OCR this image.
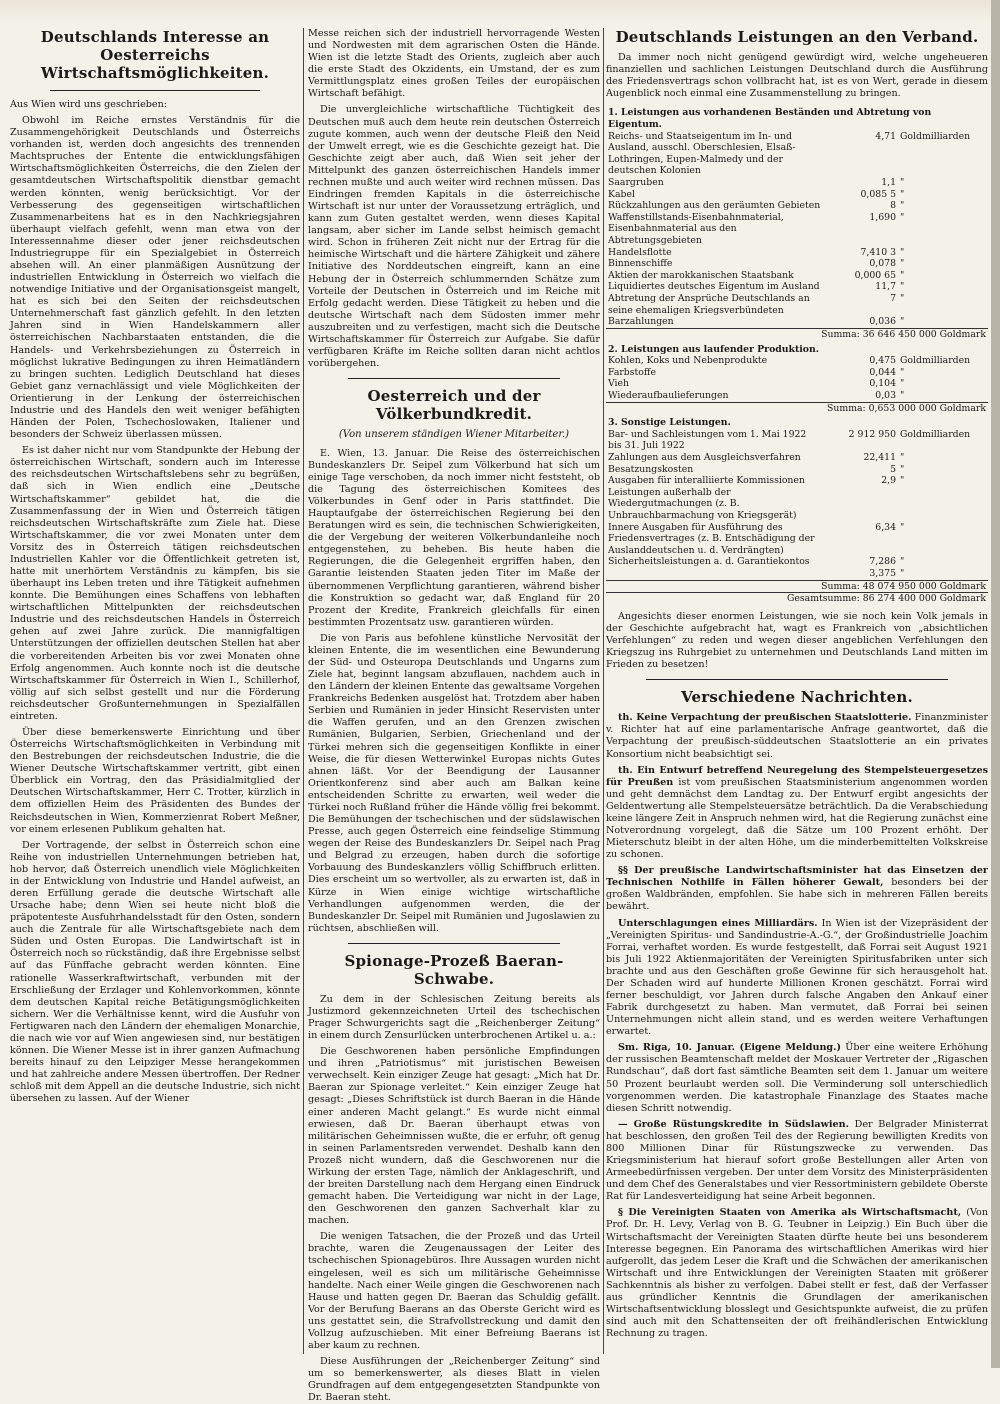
Deutschlands Interesse an Oesterreichs Wirtschaftsmöglichkeiten.

Aus Wien wird uns geschrieben:

Obwohl im Reiche ernstes Verständnis für die Zusammengehörigkeit Deutschlands und Österreichs vorhanden ist, werden doch angesichts des trennenden Machtspruches der Entente die entwicklungsfähigen Wirtschaftsmöglichkeiten Österreichs, die den Zielen der gesamtdeutschen Wirtschaftspolitik dienstbar gemacht werden könnten, wenig berücksichtigt. Vor der Verbesserung des gegenseitigen wirtschaftlichen Zusammenarbeitens hat es in den Nachkriegsjahren überhaupt vielfach gefehlt, wenn man etwa von der Interessennahme dieser oder jener reichsdeutschen Industriegruppe für ein Spezialgebiet in Österreich absehen will. An einer planmäßigen Ausnützung der industriellen Entwicklung in Österreich wo vielfach die notwendige Initiative und der Organisationsgeist mangelt, hat es sich bei den Seiten der reichsdeutschen Unternehmerschaft fast gänzlich gefehlt. In den letzten Jahren sind in Wien Handelskammern aller österreichischen Nachbarstaaten entstanden, die die Handels- und Verkehrsbeziehungen zu Österreich in möglichst lukrative Bedingungen zu ihren Heimatländern zu bringen suchten. Lediglich Deutschland hat dieses Gebiet ganz vernachlässigt und viele Möglichkeiten der Orientierung in der Lenkung der österreichischen Industrie und des Handels den weit weniger befähigten Händen der Polen, Tschechoslowaken, Italiener und besonders der Schweiz überlassen müssen.

Es ist daher nicht nur vom Standpunkte der Hebung der österreichischen Wirtschaft, sondern auch im Interesse des reichsdeutschen Wirtschaftslebens sehr zu begrüßen, daß sich in Wien endlich eine „Deutsche Wirtschaftskammer“ gebildet hat, die die Zusammenfassung der in Wien und Österreich tätigen reichsdeutschen Wirtschaftskräfte zum Ziele hat. Diese Wirtschaftskammer, die vor zwei Monaten unter dem Vorsitz des in Österreich tätigen reichsdeutschen Industriellen Kahler vor die Öffentlichkeit getreten ist, hatte mit unerhörtem Verständnis zu kämpfen, bis sie überhaupt ins Leben treten und ihre Tätigkeit aufnehmen konnte. Die Bemühungen eines Schaffens von lebhaften wirtschaftlichen Mittelpunkten der reichsdeutschen Industrie und des reichsdeutschen Handels in Österreich gehen auf zwei Jahre zurück. Die mannigfaltigen Unterstützungen der offiziellen deutschen Stellen hat aber die vorbereitenden Arbeiten bis vor zwei Monaten ohne Erfolg angenommen. Auch konnte noch ist die deutsche Wirtschaftskammer für Österreich in Wien I., Schillerhof, völlig auf sich selbst gestellt und nur die Förderung reichsdeutscher Großunternehmungen in Spezialfällen eintreten.

Über diese bemerkenswerte Einrichtung und über Österreichs Wirtschaftsmöglichkeiten in Verbindung mit den Bestrebungen der reichsdeutschen Industrie, die die Wiener Deutsche Wirtschaftskammer vertritt, gibt einen Überblick ein Vortrag, den das Präsidialmitglied der Deutschen Wirtschaftskammer, Herr C. Trotter, kürzlich in dem offiziellen Heim des Präsidenten des Bundes der Reichsdeutschen in Wien, Kommerzienrat Robert Meßner, vor einem erlesenen Publikum gehalten hat.

Der Vortragende, der selbst in Österreich schon eine Reihe von industriellen Unternehmungen betrieben hat, hob hervor, daß Österreich unendlich viele Möglichkeiten in der Entwicklung von Industrie und Handel aufweist, an deren Erfüllung gerade die deutsche Wirtschaft alle Ursache habe; denn Wien sei heute nicht bloß die präpotenteste Ausfuhrhandelsstadt für den Osten, sondern auch die Zentrale für alle Wirtschaftsgebiete nach dem Süden und Osten Europas. Die Landwirtschaft ist in Österreich noch so rückständig, daß ihre Ergebnisse selbst auf das Fünffache gebracht werden könnten. Eine rationelle Wasserkraftwirtschaft, verbunden mit der Erschließung der Erzlager und Kohlenvorkommen, könnte dem deutschen Kapital reiche Betätigungsmöglichkeiten sichern. Wer die Verhältnisse kennt, wird die Ausfuhr von Fertigwaren nach den Ländern der ehemaligen Monarchie, die nach wie vor auf Wien angewiesen sind, nur bestätigen können. Die Wiener Messe ist in ihrer ganzen Aufmachung bereits hinauf zu den Leipziger Messe herangekommen und hat zahlreiche andere Messen übertroffen. Der Redner schloß mit dem Appell an die deutsche Industrie, sich nicht übersehen zu lassen. Auf der Wiener

Messe reichen sich der industriell hervorragende Westen und Nordwesten mit dem agrarischen Osten die Hände. Wien ist die letzte Stadt des Orients, zugleich aber auch die erste Stadt des Okzidents, ein Umstand, der es zum Vermittlungsplatz eines großen Teiles der europäischen Wirtschaft befähigt.

Die unvergleichliche wirtschaftliche Tüchtigkeit des Deutschen muß auch dem heute rein deutschen Österreich zugute kommen, auch wenn der deutsche Fleiß den Neid der Umwelt erregt, wie es die Geschichte gezeigt hat. Die Geschichte zeigt aber auch, daß Wien seit jeher der Mittelpunkt des ganzen österreichischen Handels immer rechnen mußte und auch weiter wird rechnen müssen. Das Eindringen fremden Kapitals in die österreichische Wirtschaft ist nur unter der Voraussetzung erträglich, und kann zum Guten gestaltet werden, wenn dieses Kapital langsam, aber sicher im Lande selbst heimisch gemacht wird. Schon in früheren Zeit nicht nur der Ertrag für die heimische Wirtschaft und die härtere Zähigkeit und zähere Initiative des Norddeutschen eingreift, kann an eine Hebung der in Österreich schlummernden Schätze zum Vorteile der Deutschen in Österreich und im Reiche mit Erfolg gedacht werden. Diese Tätigkeit zu heben und die deutsche Wirtschaft nach dem Südosten immer mehr auszubreiten und zu verfestigen, macht sich die Deutsche Wirtschaftskammer für Österreich zur Aufgabe. Sie dafür verfügbaren Kräfte im Reiche sollten daran nicht achtlos vorübergehen.

Oesterreich und der Völkerbundkredit.
(Von unserem ständigen Wiener Mitarbeiter.)

E. Wien, 13. Januar. Die Reise des österreichischen Bundeskanzlers Dr. Seipel zum Völkerbund hat sich um einige Tage verschoben, da noch immer nicht feststeht, ob die Tagung des österreichischen Komitees des Völkerbundes in Genf oder in Paris stattfindet. Die Hauptaufgabe der österreichischen Regierung bei den Beratungen wird es sein, die technischen Schwierigkeiten, die der Vergebung der weiteren Völkerbundanleihe noch entgegenstehen, zu beheben. Bis heute haben die Regierungen, die die Gelegenheit ergriffen haben, den Garantie leistenden Staaten jeden Titer im Maße der übernommenen Verpflichtung garantieren, während bisher die Konstruktion so gedacht war, daß England für 20 Prozent der Kredite, Frankreich gleichfalls für einen bestimmten Prozentsatz usw. garantieren würden.

Die von Paris aus befohlene künstliche Nervosität der kleinen Entente, die im wesentlichen eine Bewunderung der Süd- und Osteuropa Deutschlands und Ungarns zum Ziele hat, beginnt langsam abzuflauen, nachdem auch in den Ländern der kleinen Entente das gewaltsame Vorgehen Frankreichs Bedenken ausgelöst hat. Trotzdem aber haben Serbien und Rumänien in jeder Hinsicht Reservisten unter die Waffen gerufen, und an den Grenzen zwischen Rumänien, Bulgarien, Serbien, Griechenland und der Türkei mehren sich die gegenseitigen Konflikte in einer Weise, die für diesen Wetterwinkel Europas nichts Gutes ahnen läßt. Vor der Beendigung der Lausanner Orientkonferenz sind aber auch am Balkan keine entscheidenden Schritte zu erwarten, weil weder die Türkei noch Rußland früher die Hände völlig frei bekommt. Die Bemühungen der tschechischen und der südslawischen Presse, auch gegen Österreich eine feindselige Stimmung wegen der Reise des Bundeskanzlers Dr. Seipel nach Prag und Belgrad zu erzeugen, haben durch die sofortige Vorbauung des Bundeskanzlers völlig Schiffbruch erlitten. Dies erscheint um so wertvoller, als zu erwarten ist, daß in Kürze in Wien einige wichtige wirtschaftliche Verhandlungen aufgenommen werden, die der Bundeskanzler Dr. Seipel mit Rumänien und Jugoslawien zu rüchtsen, abschließen will.

Spionage-Prozeß Baeran-Schwabe.

Zu dem in der Schlesischen Zeitung bereits als Justizmord gekennzeichneten Urteil des tschechischen Prager Schwurgerichts sagt die „Reichenberger Zeitung“ in einem durch Zensurlücken unterbrochenen Artikel u. a.:

Die Geschworenen haben persönliche Empfindungen und ihren „Patriotismus“ mit juristischen Beweisen verwechselt. Kein einziger Zeuge hat gesagt: „Mich hat Dr. Baeran zur Spionage verleitet.“ Kein einziger Zeuge hat gesagt: „Dieses Schriftstück ist durch Baeran in die Hände einer anderen Macht gelangt.“ Es wurde nicht einmal erwiesen, daß Dr. Baeran überhaupt etwas von militärischen Geheimnissen wußte, die er erfuhr, oft genug in seinen Parlamentsreden verwendet. Deshalb kann den Prozeß nicht wundern, daß die Geschworenen nur die Wirkung der ersten Tage, nämlich der Anklageschrift, und der breiten Darstellung nach dem Hergang einen Eindruck gemacht haben. Die Verteidigung war nicht in der Lage, den Geschworenen den ganzen Sachverhalt klar zu machen.

Die wenigen Tatsachen, die der Prozeß und das Urteil brachte, waren die Zeugenaussagen der Leiter des tschechischen Spionagebüros. Ihre Aussagen wurden nicht eingelesen, weil es sich um militärische Geheimnisse handelte. Nach einer Weile gingen die Geschworenen nach Hause und hatten gegen Dr. Baeran das Schuldig gefällt. Vor der Berufung Baerans an das Oberste Gericht wird es uns gestattet sein, die Strafvollstreckung und damit den Vollzug aufzuschieben. Mit einer Befreiung Baerans ist aber kaum zu rechnen.

Diese Ausführungen der „Reichenberger Zeitung“ sind um so bemerkenswerter, als dieses Blatt in vielen Grundfragen auf dem entgegengesetzten Standpunkte von Dr. Baeran steht.

Deutschlands Leistungen an den Verband.

Da immer noch nicht genügend gewürdigt wird, welche ungeheueren finanziellen und sachlichen Leistungen Deutschland durch die Ausführung des Friedensvertrags schon vollbracht hat, ist es von Wert, gerade in diesem Augenblick noch einmal eine Zusammenstellung zu bringen.

1. Leistungen aus vorhandenen Beständen und Abtretung von Eigentum.		
Reichs- und Staatseigentum im In- und Ausland, ausschl. Oberschlesien, Elsaß-Lothringen, Eupen-Malmedy und der deutschen Kolonien	4,71	Goldmilliarden
Saargruben	1,1	"
Kabel	0,085 5	"
Rückzahlungen aus den geräumten Gebieten	8	"
Waffenstillstands-Eisenbahnmaterial, Eisenbahnmaterial aus den Abtretungsgebieten	1,690	"
Handelsflotte	7,410 3	"
Binnenschiffe	0,078	"
Aktien der marokkanischen Staatsbank	0,000 65	"
Liquidiertes deutsches Eigentum im Ausland	11,7	"
Abtretung der Ansprüche Deutschlands an seine ehemaligen Kriegsverbündeten	7	"
Barzahlungen	0,036	"
Summa: 36 646 450 000 Goldmark		
2. Leistungen aus laufender Produktion.		
Kohlen, Koks und Nebenprodukte	0,475	Goldmilliarden
Farbstoffe	0,044	"
Vieh	0,104	"
Wiederaufbaulieferungen	0,03	"
Summa: 0,653 000 000 Goldmark		
3. Sonstige Leistungen.		
Bar- und Sachleistungen vom 1. Mai 1922 bis 31. Juli 1922	2 912 950	Goldmilliarden
Zahlungen aus dem Ausgleichsverfahren	22,411	"
Besatzungskosten	5	"
Ausgaben für interalliierte Kommissionen	2,9	"
Leistungen außerhalb der Wiedergutmachungen (z. B. Unbrauchbarmachung von Kriegsgerät)		
Innere Ausgaben für Ausführung des Friedensvertrages (z. B. Entschädigung der Auslanddeutschen u. d. Verdrängten)	6,34	"
Sicherheitsleistungen a. d. Garantiekontos	7,286	"
	3,375	"
Summa: 48 074 950 000 Goldmark		
Gesamtsumme: 86 274 400 000 Goldmark		

Angesichts dieser enormen Leistungen, wie sie noch kein Volk jemals in der Geschichte aufgebracht hat, wagt es Frankreich von „absichtlichen Verfehlungen“ zu reden und wegen dieser angeblichen Verfehlungen den Kriegszug ins Ruhrgebiet zu unternehmen und Deutschlands Land mitten im Frieden zu besetzen!

Verschiedene Nachrichten.

th. Keine Verpachtung der preußischen Staatslotterie. Finanzminister v. Richter hat auf eine parlamentarische Anfrage geantwortet, daß die Verpachtung der preußisch-süddeutschen Staatslotterie an ein privates Konsortium nicht beabsichtigt sei.

th. Ein Entwurf betreffend Neuregelung des Stempelsteuergesetzes für Preußen ist vom preußischen Staatsministerium angenommen worden und geht demnächst dem Landtag zu. Der Entwurf ergibt angesichts der Geldentwertung alle Stempelsteuersätze beträchtlich. Da die Verabschiedung keine längere Zeit in Anspruch nehmen wird, hat die Regierung zunächst eine Notverordnung vorgelegt, daß die Sätze um 100 Prozent erhöht. Der Mieterschutz bleibt in der alten Höhe, um die minderbemittelten Volkskreise zu schonen.

§§ Der preußische Landwirtschaftsminister hat das Einsetzen der Technischen Nothilfe in Fällen höherer Gewalt, besonders bei der großen Waldbränden, empfohlen. Sie habe sich in mehreren Fällen bereits bewährt.

Unterschlagungen eines Milliardärs. In Wien ist der Vizepräsident der „Vereinigten Spiritus- und Sandindustrie-A.-G.“, der Großindustrielle Joachim Forrai, verhaftet worden. Es wurde festgestellt, daß Forrai seit August 1921 bis Juli 1922 Aktienmajoritäten der Vereinigten Spiritusfabriken unter sich brachte und aus den Geschäften große Gewinne für sich herausgeholt hat. Der Schaden wird auf hunderte Millionen Kronen geschätzt. Forrai wird ferner beschuldigt, vor Jahren durch falsche Angaben den Ankauf einer Fabrik durchgesetzt zu haben. Man vermutet, daß Forrai bei seinen Unternehmungen nicht allein stand, und es werden weitere Verhaftungen erwartet.

Sm. Riga, 10. Januar. (Eigene Meldung.) Über eine weitere Erhöhung der russischen Beamtenschaft meldet der Moskauer Vertreter der „Rigaschen Rundschau“, daß dort fast sämtliche Beamten seit dem 1. Januar um weitere 50 Prozent beurlaubt werden soll. Die Verminderung soll unterschiedlich vorgenommen werden. Die katastrophale Finanzlage des Staates mache diesen Schritt notwendig.

— Große Rüstungskredite in Südslawien. Der Belgrader Ministerrat hat beschlossen, den großen Teil des der Regierung bewilligten Kredits von 800 Millionen Dinar für Rüstungszwecke zu verwenden. Das Kriegsministerium hat hierauf sofort große Bestellungen aller Arten von Armeebedürfnissen vergeben. Der unter dem Vorsitz des Ministerpräsidenten und dem Chef des Generalstabes und vier Ressortministern gebildete Oberste Rat für Landesverteidigung hat seine Arbeit begonnen.

§ Die Vereinigten Staaten von Amerika als Wirtschaftsmacht, (Von Prof. Dr. H. Levy, Verlag von B. G. Teubner in Leipzig.) Ein Buch über die Wirtschaftsmacht der Vereinigten Staaten dürfte heute bei uns besonderem Interesse begegnen. Ein Panorama des wirtschaftlichen Amerikas wird hier aufgerollt, das jedem Leser die Kraft und die Schwächen der amerikanischen Wirtschaft und ihre Entwicklungen der Vereinigten Staaten mit größerer Sachkenntnis als bisher zu verfolgen. Dabei stellt er fest, daß der Verfasser aus gründlicher Kenntnis die Grundlagen der amerikanischen Wirtschaftsentwicklung blosslegt und Gesichtspunkte aufweist, die zu prüfen sind auch mit den Schattenseiten der oft freihändlerischen Entwicklung Rechnung zu tragen.
